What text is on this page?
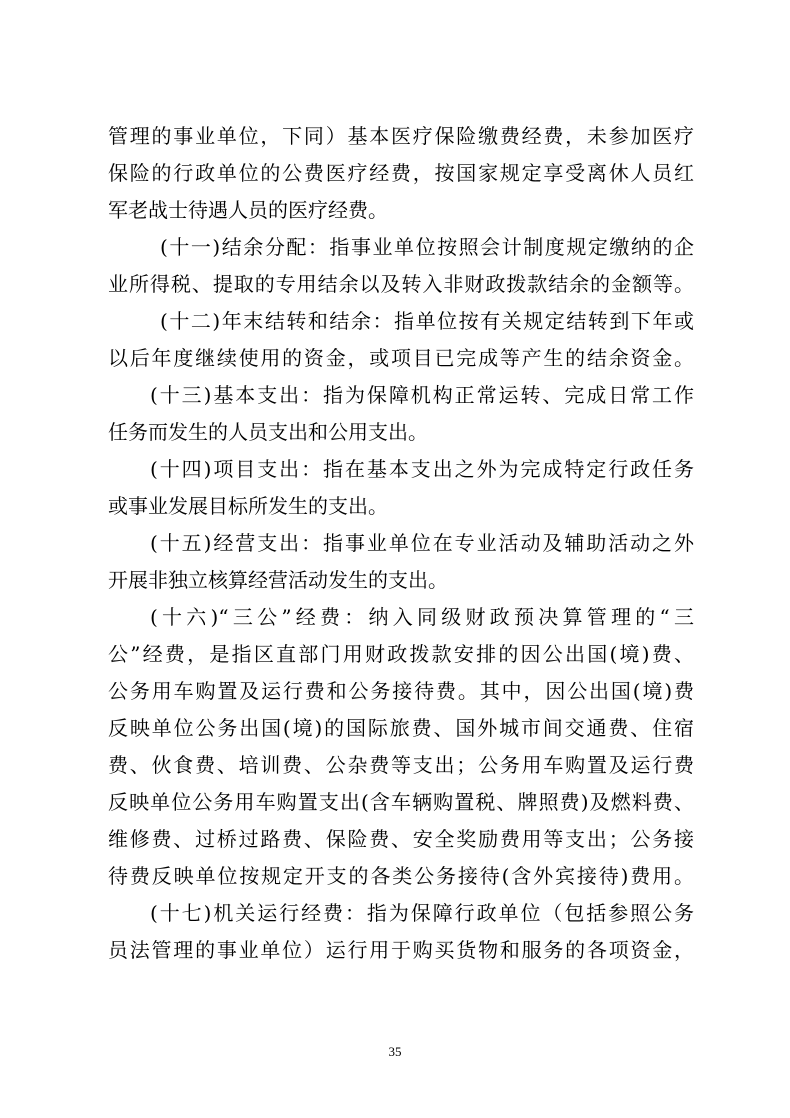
管理的事业单位，下同）基本医疗保险缴费经费，未参加医疗
保险的行政单位的公费医疗经费，按国家规定享受离休人员红
军老战士待遇人员的医疗经费。
(十一)结余分配：指事业单位按照会计制度规定缴纳的企
业所得税、提取的专用结余以及转入非财政拨款结余的金额等。
(十二)年末结转和结余：指单位按有关规定结转到下年或
以后年度继续使用的资金，或项目已完成等产生的结余资金。
(十三)基本支出：指为保障机构正常运转、完成日常工作
任务而发生的人员支出和公用支出。
(十四)项目支出：指在基本支出之外为完成特定行政任务
或事业发展目标所发生的支出。
(十五)经营支出：指事业单位在专业活动及辅助活动之外
开展非独立核算经营活动发生的支出。
(十六)“三公”经费：纳入同级财政预决算管理的“三
公”经费，是指区直部门用财政拨款安排的因公出国(境)费、
公务用车购置及运行费和公务接待费。其中，因公出国(境)费
反映单位公务出国(境)的国际旅费、国外城市间交通费、住宿
费、伙食费、培训费、公杂费等支出；公务用车购置及运行费
反映单位公务用车购置支出(含车辆购置税、牌照费)及燃料费、
维修费、过桥过路费、保险费、安全奖励费用等支出；公务接
待费反映单位按规定开支的各类公务接待(含外宾接待)费用。
(十七)机关运行经费：指为保障行政单位（包括参照公务
员法管理的事业单位）运行用于购买货物和服务的各项资金，
35
